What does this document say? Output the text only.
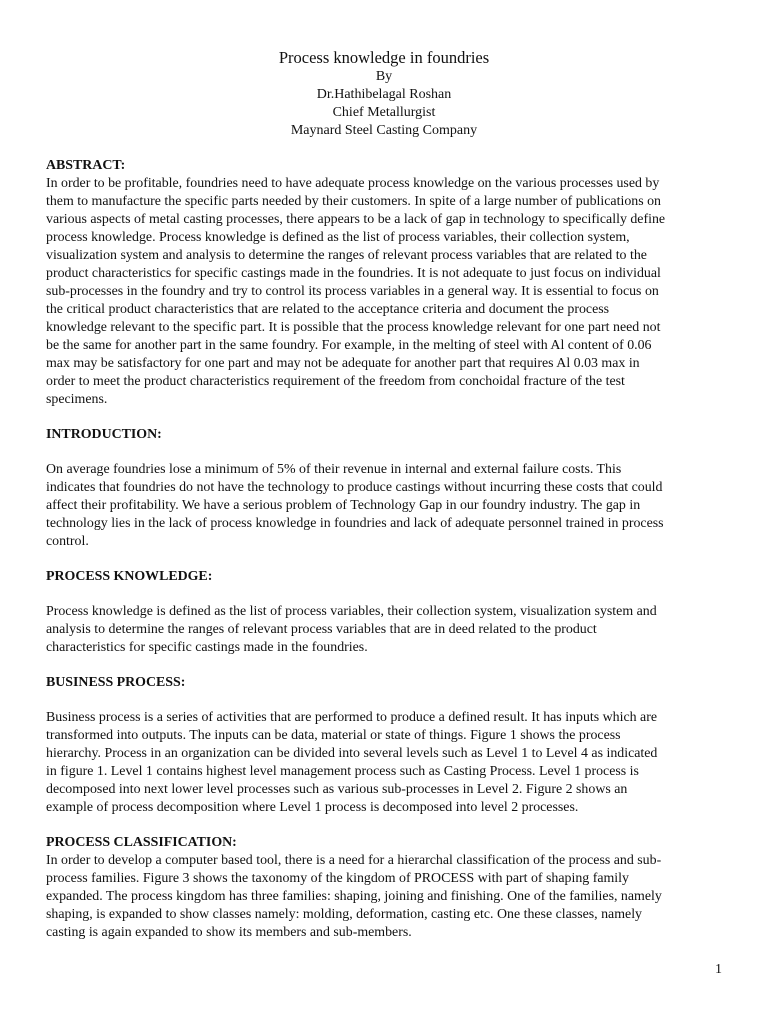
Process knowledge in foundries

By

Dr.Hathibelagal Roshan

Chief Metallurgist

Maynard Steel Casting Company

ABSTRACT:

In order to be profitable, foundries need to have adequate process knowledge on the various processes used by
them to manufacture the specific parts needed by their customers. In spite of a large number of publications on
various aspects of metal casting processes, there appears to be a lack of gap in technology to specifically define
process knowledge. Process knowledge is defined as the list of process variables, their collection system,
visualization system and analysis to determine the ranges of relevant process variables that are related to the
product characteristics for specific castings made in the foundries. It is not adequate to just focus on individual
sub-processes in the foundry and try to control its process variables in a general way. It is essential to focus on
the critical product characteristics that are related to the acceptance criteria and document the process
knowledge relevant to the specific part. It is possible that the process knowledge relevant for one part need not
be the same for another part in the same foundry. For example, in the melting of steel with Al content of 0.06
max may be satisfactory for one part and may not be adequate for another part that requires Al 0.03 max in
order to meet the product characteristics requirement of the freedom from conchoidal fracture of the test
specimens.

INTRODUCTION:

On average foundries lose a minimum of 5% of their revenue in internal and external failure costs. This
indicates that foundries do not have the technology to produce castings without incurring these costs that could
affect their profitability. We have a serious problem of Technology Gap in our foundry industry. The gap in
technology lies in the lack of process knowledge in foundries and lack of adequate personnel trained in process
control.

PROCESS KNOWLEDGE:

Process knowledge is defined as the list of process variables, their collection system, visualization system and
analysis to determine the ranges of relevant process variables that are in deed related to the product
characteristics for specific castings made in the foundries.

BUSINESS PROCESS:

Business process is a series of activities that are performed to produce a defined result. It has inputs which are
transformed into outputs. The inputs can be data, material or state of things. Figure 1 shows the process
hierarchy. Process in an organization can be divided into several levels such as Level 1 to Level 4 as indicated
in figure 1. Level 1 contains highest level management process such as Casting Process. Level 1 process is
decomposed into next lower level processes such as various sub-processes in Level 2. Figure 2 shows an
example of process decomposition where Level 1 process is decomposed into level 2 processes.

PROCESS CLASSIFICATION:

In order to develop a computer based tool, there is a need for a hierarchal classification of the process and sub-
process families. Figure 3 shows the taxonomy of the kingdom of PROCESS with part of shaping family
expanded. The process kingdom has three families: shaping, joining and finishing. One of the families, namely
shaping, is expanded to show classes namely: molding, deformation, casting etc. One these classes, namely
casting is again expanded to show its members and sub-members.

1
